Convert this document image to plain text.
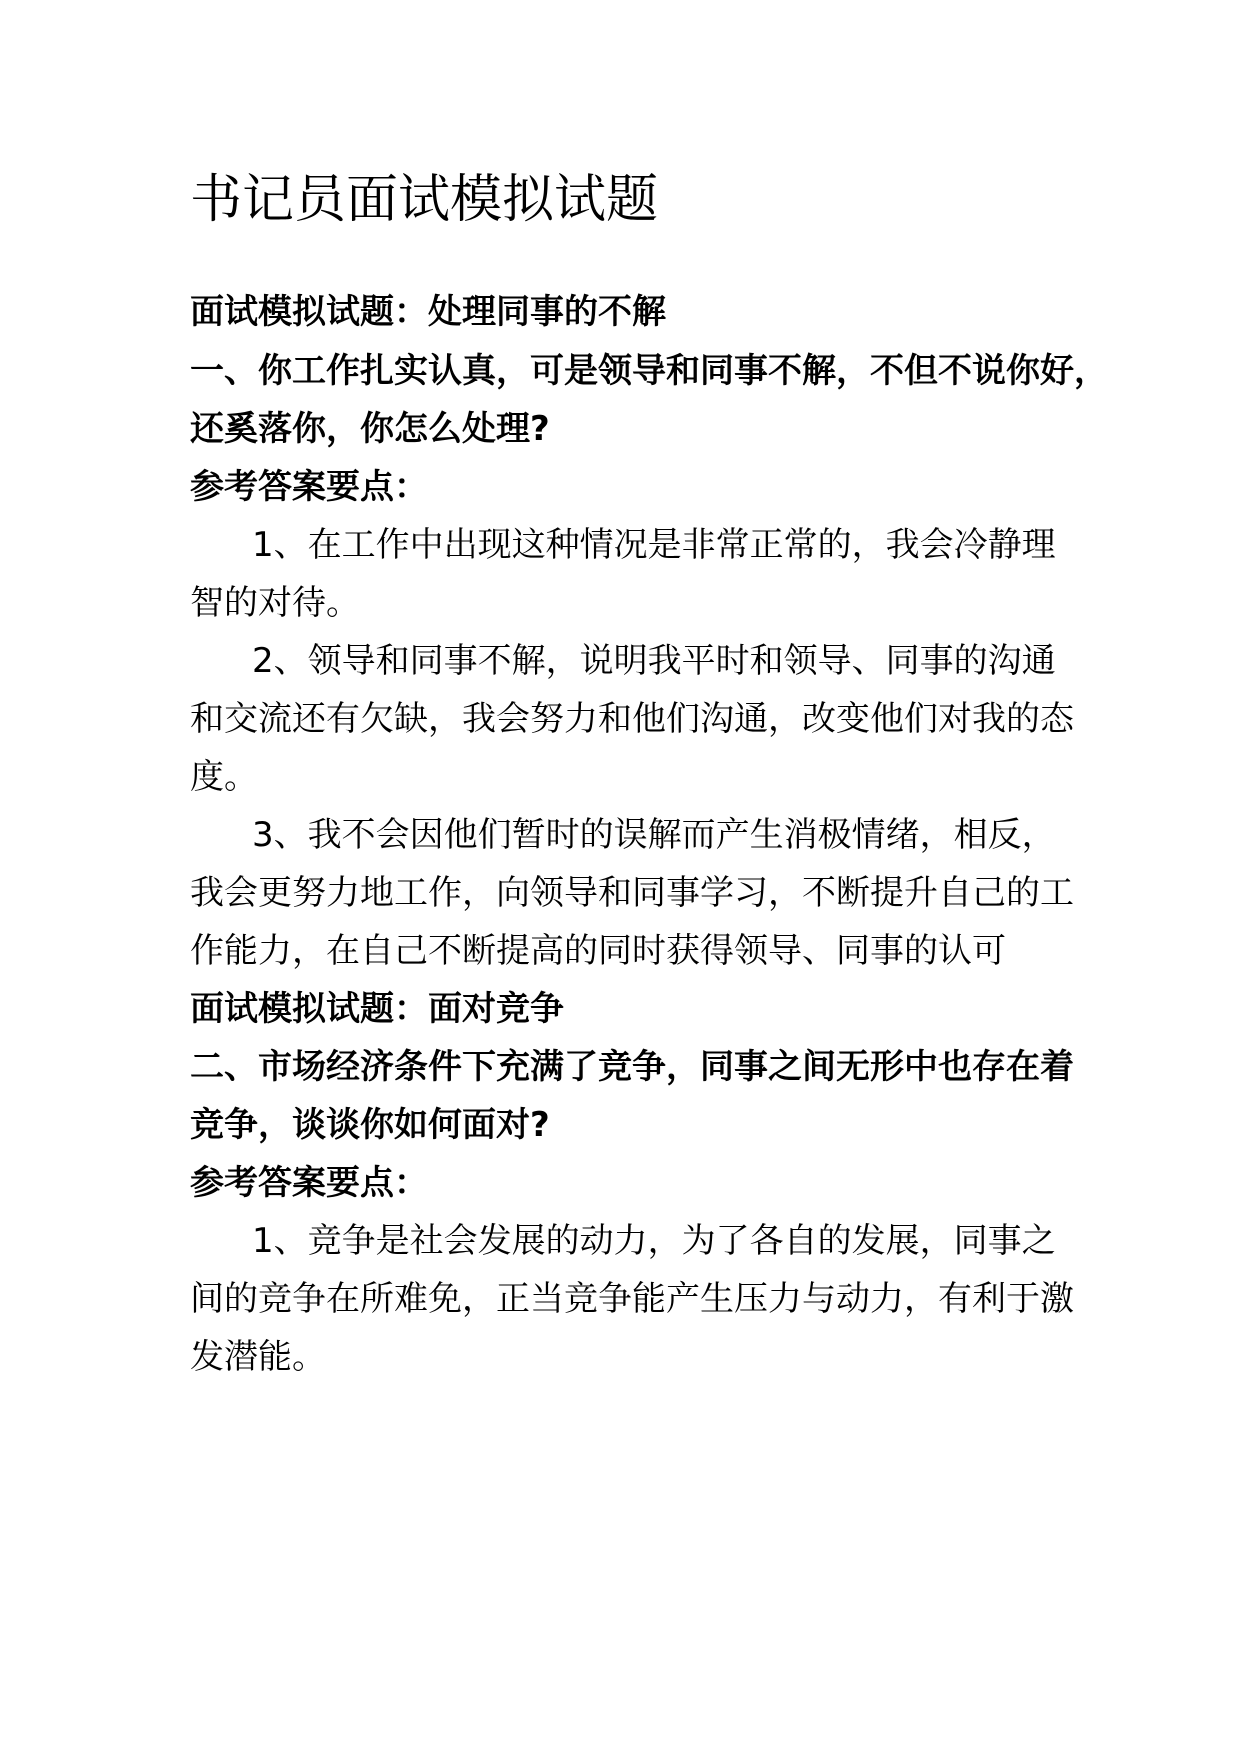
书记员面试模拟试题
面试模拟试题：处理同事的不解
一、你工作扎实认真，可是领导和同事不解，不但不说你好，
还奚落你，你怎么处理?
参考答案要点：
1、在工作中出现这种情况是非常正常的，我会冷静理
智的对待。
2、领导和同事不解，说明我平时和领导、同事的沟通
和交流还有欠缺，我会努力和他们沟通，改变他们对我的态
度。
3、我不会因他们暂时的误解而产生消极情绪，相反，
我会更努力地工作，向领导和同事学习，不断提升自己的工
作能力，在自己不断提高的同时获得领导、同事的认可
面试模拟试题：面对竞争
二、市场经济条件下充满了竞争，同事之间无形中也存在着
竞争，谈谈你如何面对?
参考答案要点：
1、竞争是社会发展的动力，为了各自的发展，同事之
间的竞争在所难免，正当竞争能产生压力与动力，有利于激
发潜能。
